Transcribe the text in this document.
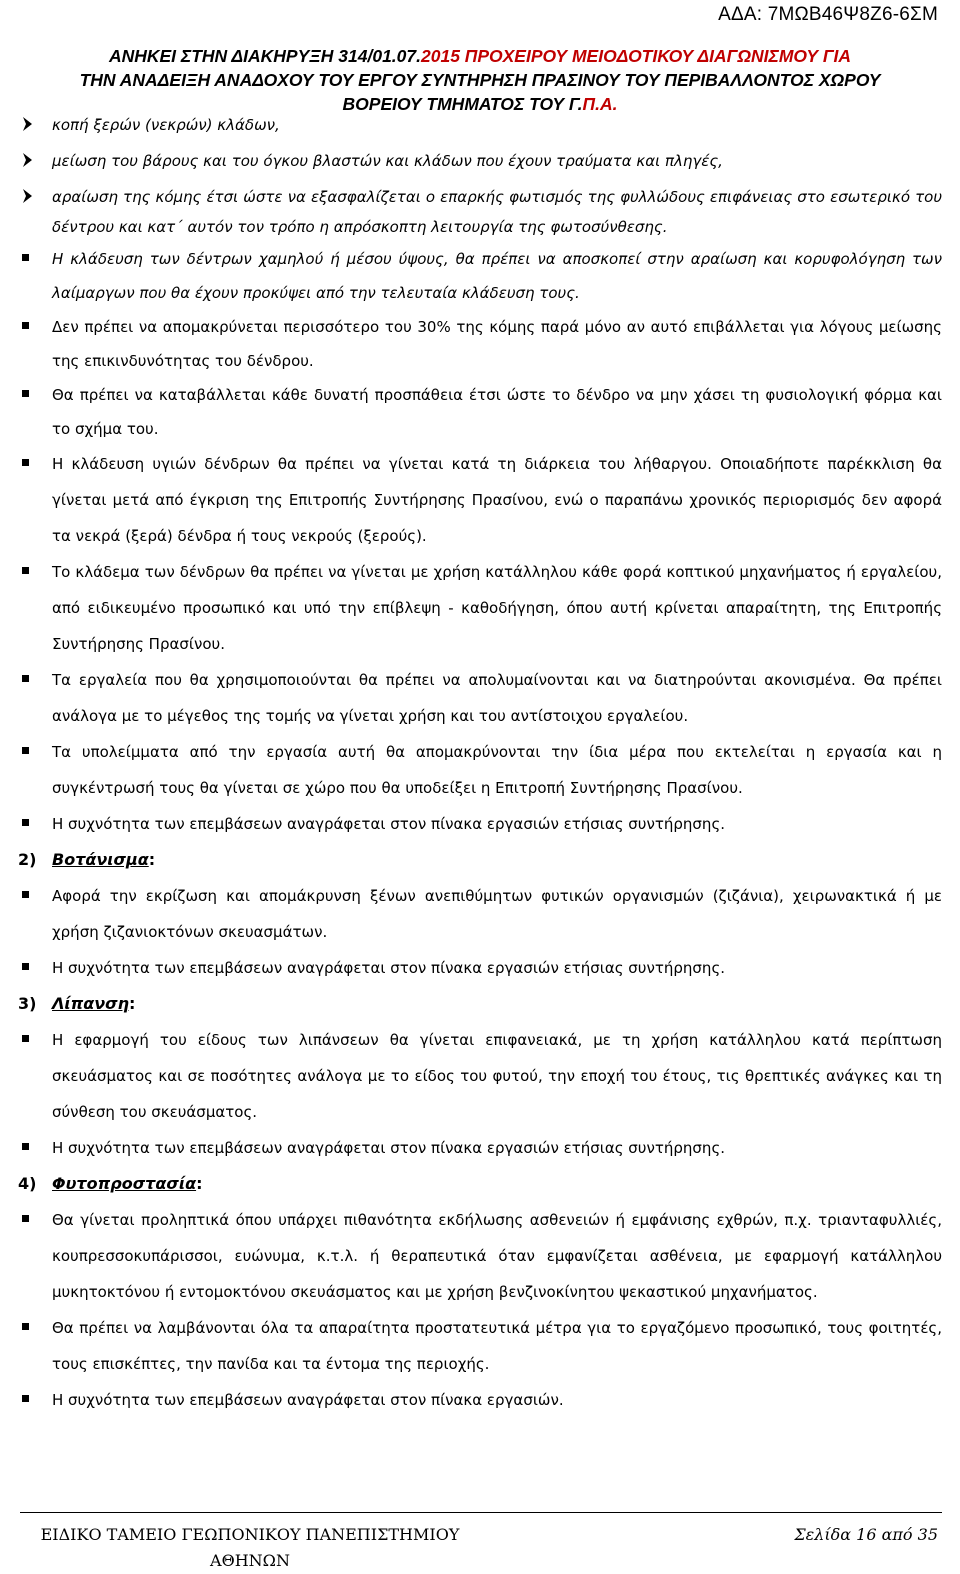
ΑΔΑ: 7ΜΩΒ46Ψ8Ζ6-6ΣΜ
ΑΝΗΚΕΙ ΣΤΗΝ ΔΙΑΚΗΡΥΞΗ 314/01.07.2015 ΠΡΟΧΕΙΡΟΥ ΜΕΙΟΔΟΤΙΚΟΥ ΔΙΑΓΩΝΙΣΜΟΥ ΓΙΑ
ΤΗΝ ΑΝΑΔΕΙΞΗ ΑΝΑΔΟΧΟΥ ΤΟΥ ΕΡΓΟΥ ΣΥΝΤΗΡΗΣΗ ΠΡΑΣΙΝΟΥ ΤΟΥ ΠΕΡΙΒΑΛΛΟΝΤΟΣ ΧΩΡΟΥ
ΒΟΡΕΙΟΥ ΤΜΗΜΑΤΟΣ ΤΟΥ Γ.Π.Α.
κοπή ξερών (νεκρών) κλάδων,
μείωση του βάρους και του όγκου βλαστών και κλάδων που έχουν τραύματα και πληγές,
αραίωση της κόμης έτσι ώστε να εξασφαλίζεται ο επαρκής φωτισμός της φυλλώδους επιφάνειας στο εσωτερικό του δέντρου και κατ΄ αυτόν τον τρόπο η απρόσκοπτη λειτουργία της φωτοσύνθεσης.
Η κλάδευση των δέντρων χαμηλού ή μέσου ύψους, θα πρέπει να αποσκοπεί στην αραίωση και κορυφολόγηση των λαίμαργων που θα έχουν προκύψει από την τελευταία κλάδευση τους.
Δεν πρέπει να απομακρύνεται περισσότερο του 30% της κόμης παρά μόνο αν αυτό επιβάλλεται για λόγους μείωσης της επικινδυνότητας του δένδρου.
Θα πρέπει να καταβάλλεται κάθε δυνατή προσπάθεια έτσι ώστε το δένδρο να μην χάσει τη φυσιολογική φόρμα και το σχήμα του.
Η κλάδευση υγιών δένδρων θα πρέπει να γίνεται κατά τη διάρκεια του λήθαργου. Οποιαδήποτε παρέκκλιση θα γίνεται μετά από έγκριση της Επιτροπής Συντήρησης Πρασίνου, ενώ ο παραπάνω χρονικός περιορισμός δεν αφορά τα νεκρά (ξερά) δένδρα ή τους νεκρούς (ξερούς).
Το κλάδεμα των δένδρων θα πρέπει να γίνεται με χρήση κατάλληλου κάθε φορά κοπτικού μηχανήματος ή εργαλείου, από ειδικευμένο προσωπικό και υπό την επίβλεψη - καθοδήγηση, όπου αυτή κρίνεται απαραίτητη, της Επιτροπής Συντήρησης Πρασίνου.
Τα εργαλεία που θα χρησιμοποιούνται θα πρέπει να απολυμαίνονται και να διατηρούνται ακονισμένα. Θα πρέπει ανάλογα με το μέγεθος της τομής να γίνεται χρήση και του αντίστοιχου εργαλείου.
Τα υπολείμματα από την εργασία αυτή θα απομακρύνονται την ίδια μέρα που εκτελείται η εργασία και η συγκέντρωσή τους θα γίνεται σε χώρο που θα υποδείξει η Επιτροπή Συντήρησης Πρασίνου.
Η συχνότητα των επεμβάσεων αναγράφεται στον πίνακα εργασιών ετήσιας συντήρησης.
2) Βοτάνισμα:
Αφορά την εκρίζωση και απομάκρυνση ξένων ανεπιθύμητων φυτικών οργανισμών (ζιζάνια), χειρωνακτικά ή με χρήση ζιζανιοκτόνων σκευασμάτων.
Η συχνότητα των επεμβάσεων αναγράφεται στον πίνακα εργασιών ετήσιας συντήρησης.
3) Λίπανση:
Η εφαρμογή του είδους των λιπάνσεων θα γίνεται επιφανειακά, με τη χρήση κατάλληλου κατά περίπτωση σκευάσματος και σε ποσότητες ανάλογα με το είδος του φυτού, την εποχή του έτους, τις θρεπτικές ανάγκες και τη σύνθεση του σκευάσματος.
Η συχνότητα των επεμβάσεων αναγράφεται στον πίνακα εργασιών ετήσιας συντήρησης.
4) Φυτοπροστασία:
Θα γίνεται προληπτικά όπου υπάρχει πιθανότητα εκδήλωσης ασθενειών ή εμφάνισης εχθρών, π.χ. τριανταφυλλιές, κουπρεσσοκυπάρισσοι, ευώνυμα, κ.τ.λ. ή θεραπευτικά όταν εμφανίζεται ασθένεια, με εφαρμογή κατάλληλου μυκητοκτόνου ή εντομοκτόνου σκευάσματος και με χρήση βενζινοκίνητου ψεκαστικού μηχανήματος.
Θα πρέπει να λαμβάνονται όλα τα απαραίτητα προστατευτικά μέτρα για το εργαζόμενο προσωπικό, τους φοιτητές, τους επισκέπτες, την πανίδα και τα έντομα της περιοχής.
Η συχνότητα των επεμβάσεων αναγράφεται στον πίνακα εργασιών.
ΕΙΔΙΚΟ ΤΑΜΕΙΟ ΓΕΩΠΟΝΙΚΟΥ ΠΑΝΕΠΙΣΤΗΜΙΟΥ
ΑΘΗΝΩΝ
Σελίδα 16 από 35
